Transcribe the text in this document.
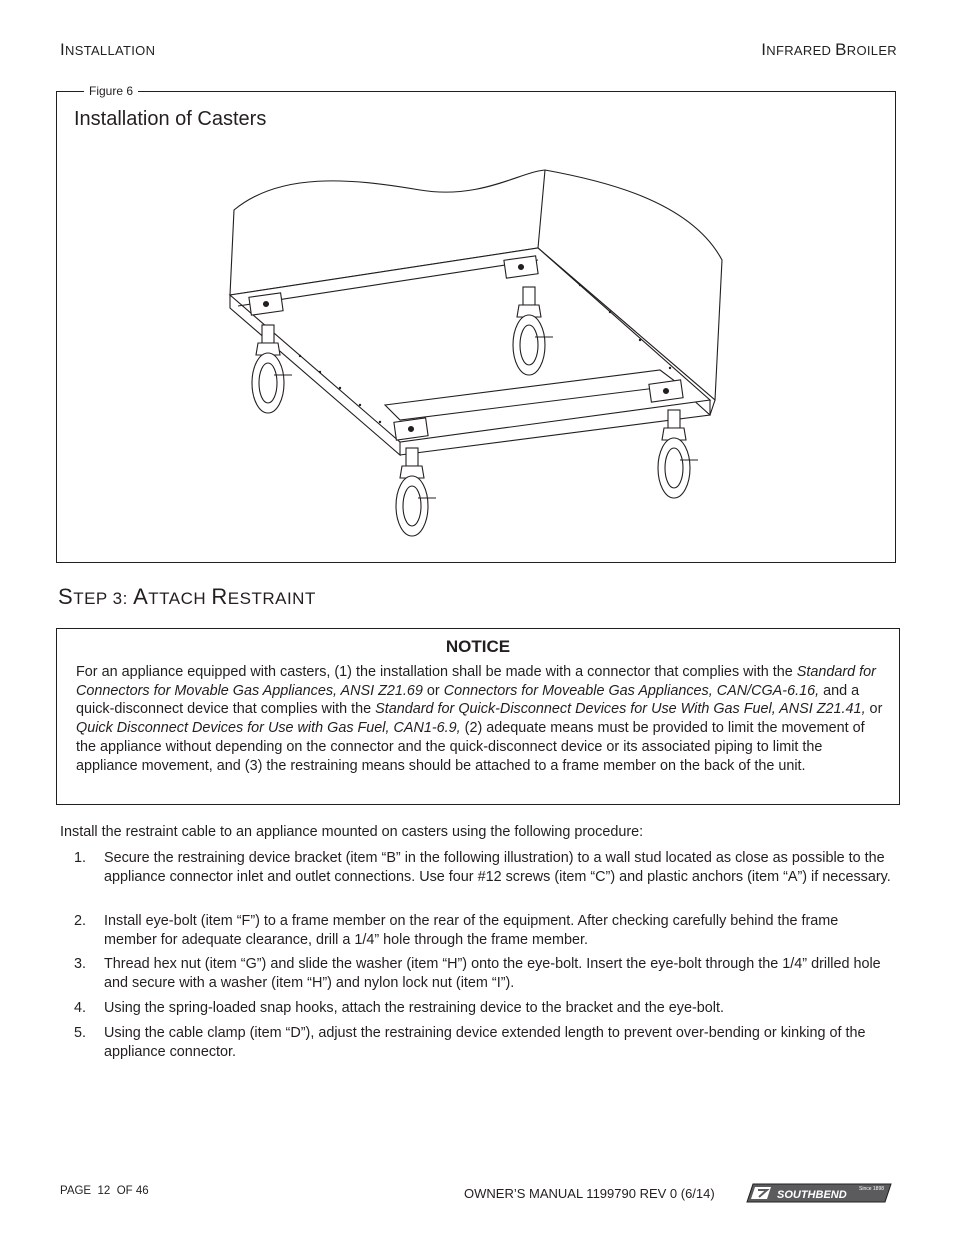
INSTALLATION	INFRARED BROILER
Figure 6
Installation of Casters
STEP 3: ATTACH RESTRAINT
NOTICE
For an appliance equipped with casters, (1) the installation shall be made with a connector that complies with the Standard for Connectors for Movable Gas Appliances, ANSI Z21.69 or Connectors for Moveable Gas Appliances, CAN/CGA-6.16, and a quick-disconnect device that complies with the Standard for Quick-Disconnect Devices for Use With Gas Fuel, ANSI Z21.41, or Quick Disconnect Devices for Use with Gas Fuel, CAN1-6.9, (2) adequate means must be provided to limit the movement of the appliance without depending on the connector and the quick-disconnect device or its associated piping to limit the appliance movement, and (3) the restraining means should be attached to a frame member on the back of the unit.
Install the restraint cable to an appliance mounted on casters using the following procedure:
1. Secure the restraining device bracket (item “B” in the following illustration) to a wall stud located as close as possible to the appliance connector inlet and outlet connections. Use four #12 screws (item “C”) and plastic anchors (item “A”) if necessary.
2. Install eye-bolt (item “F”) to a frame member on the rear of the equipment. After checking carefully behind the frame member for adequate clearance, drill a 1/4” hole through the frame member.
3. Thread hex nut (item “G”) and slide the washer (item “H”) onto the eye-bolt. Insert the eye-bolt through the 1/4” drilled hole and secure with a washer (item “H”) and nylon lock nut (item “I”).
4. Using the spring-loaded snap hooks, attach the restraining device to the bracket and the eye-bolt.
5. Using the cable clamp (item “D”), adjust the restraining device extended length to prevent over-bending or kinking of the appliance connector.
PAGE 12 OF 46	OWNER’S MANUAL 1199790 REV 0 (6/14)	SOUTHBEND Since 1898
